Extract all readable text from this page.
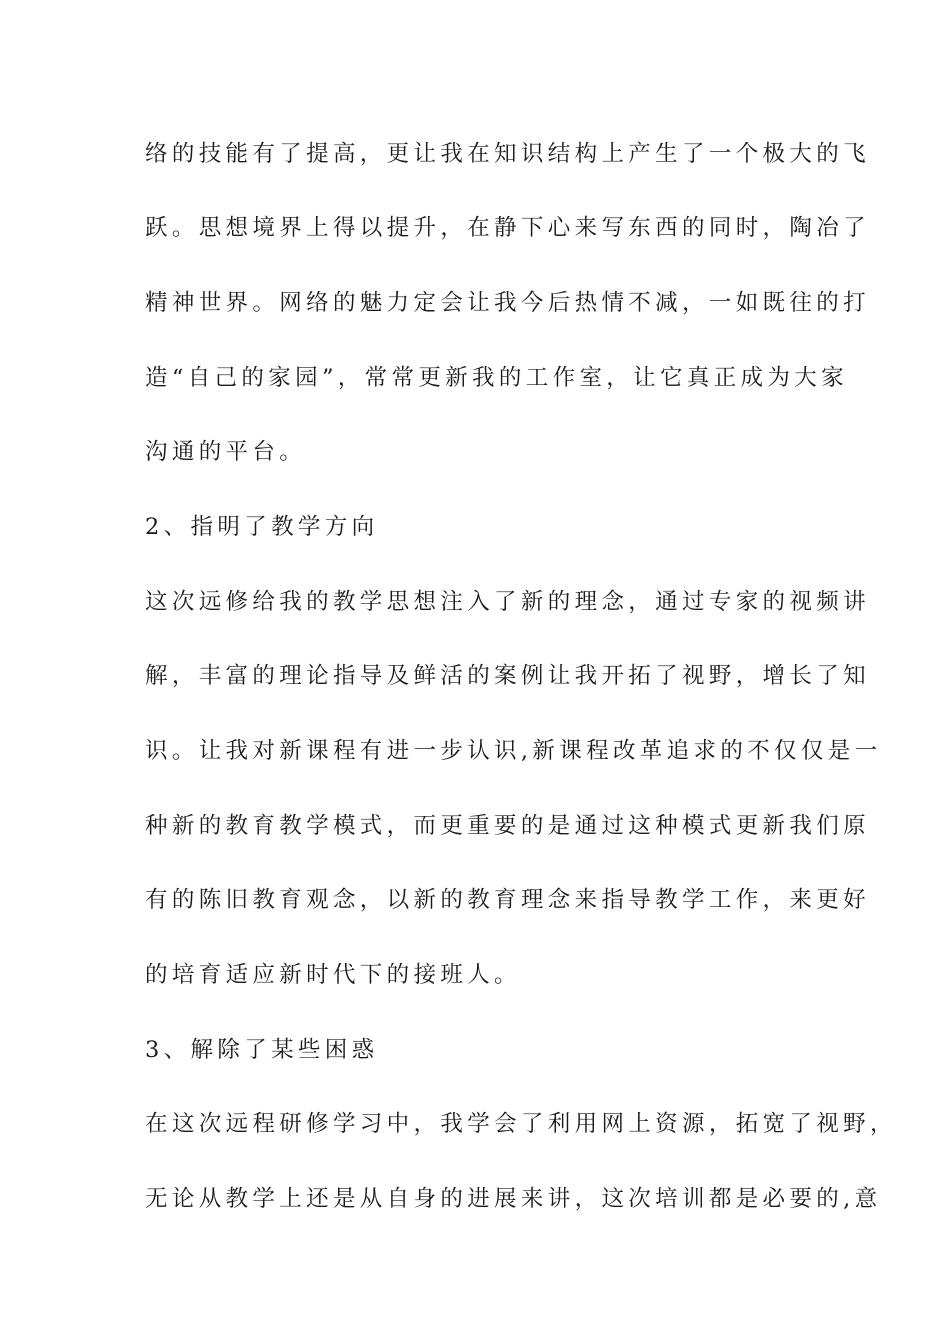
络的技能有了提高，更让我在知识结构上产生了一个极大的飞
跃。思想境界上得以提升，在静下心来写东西的同时，陶冶了
精神世界。网络的魅力定会让我今后热情不减，一如既往的打
造“自己的家园”，常常更新我的工作室，让它真正成为大家
沟通的平台。
2、指明了教学方向
这次远修给我的教学思想注入了新的理念，通过专家的视频讲
解，丰富的理论指导及鲜活的案例让我开拓了视野，增长了知
识。让我对新课程有进一步认识,新课程改革追求的不仅仅是一
种新的教育教学模式，而更重要的是通过这种模式更新我们原
有的陈旧教育观念，以新的教育理念来指导教学工作，来更好
的培育适应新时代下的接班人。
3、解除了某些困惑
在这次远程研修学习中，我学会了利用网上资源，拓宽了视野，
无论从教学上还是从自身的进展来讲，这次培训都是必要的,意
